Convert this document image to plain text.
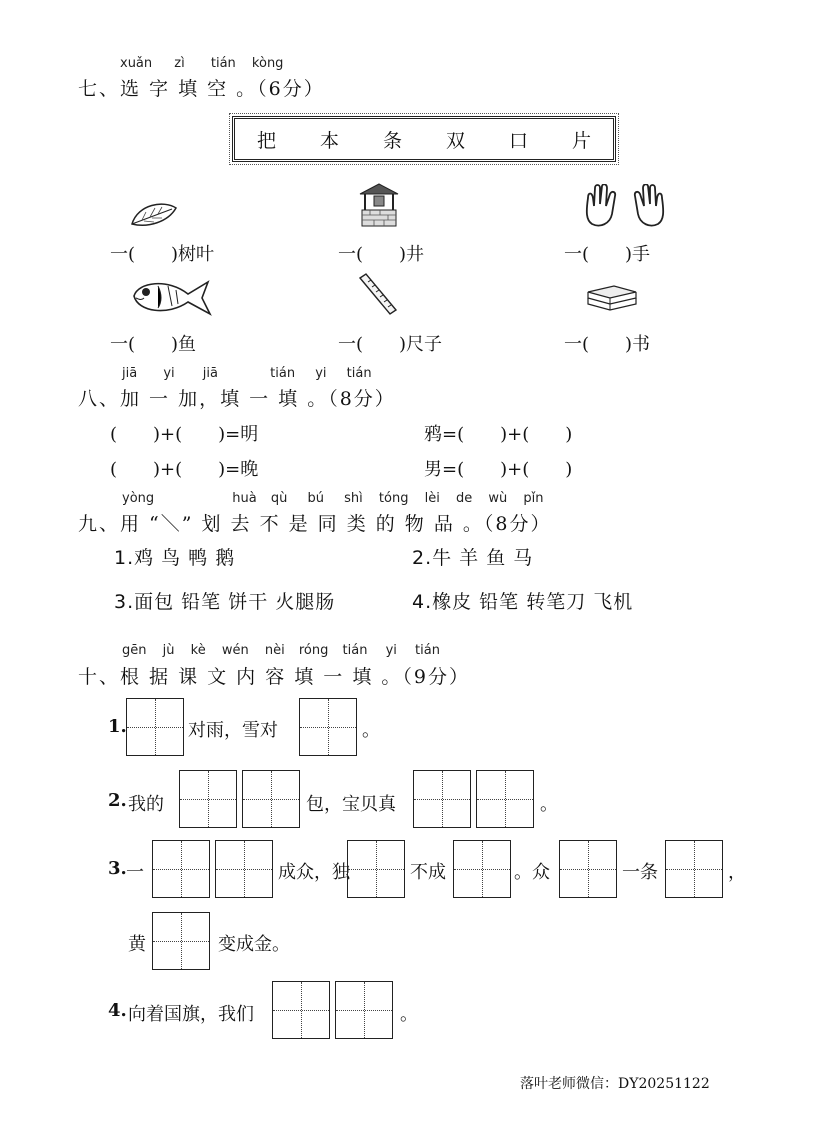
xuǎn zì tián kòng
七、选 字 填 空 。（6分）
把 本 条 双 口 片
一(　　)树叶	一(　　)井	一(　　)手
一(　　)鱼	一(　　)尺子	一(　　)书
jiā yi jiā	tián yi tián
八、加 一 加，填 一 填 。（8分）
(　　)+(　　)=明	鸦=(　　)+(　　)
(　　)+(　　)=晚	男=(　　)+(　　)
yòng	huà qù bú shì tóng lèi de wù pǐn
九、用 “＼” 划 去 不 是 同 类 的 物 品 。（8分）
1.鸡 鸟 鸭 鹅	2.牛 羊 鱼 马
3.面包 铅笔 饼干 火腿肠	4.橡皮 铅笔 转笔刀 飞机
gēn jù kè wén nèi róng tián yi tián
十、根 据 课 文 内 容 填 一 填 。（9分）
1.	对雨，雪对	。
2. 我的	包，宝贝真	。
3. 一	成众，独	不成	。众	一条	，
黄	变成金。
4. 向着国旗，我们	。
落叶老师微信：DY20251122
